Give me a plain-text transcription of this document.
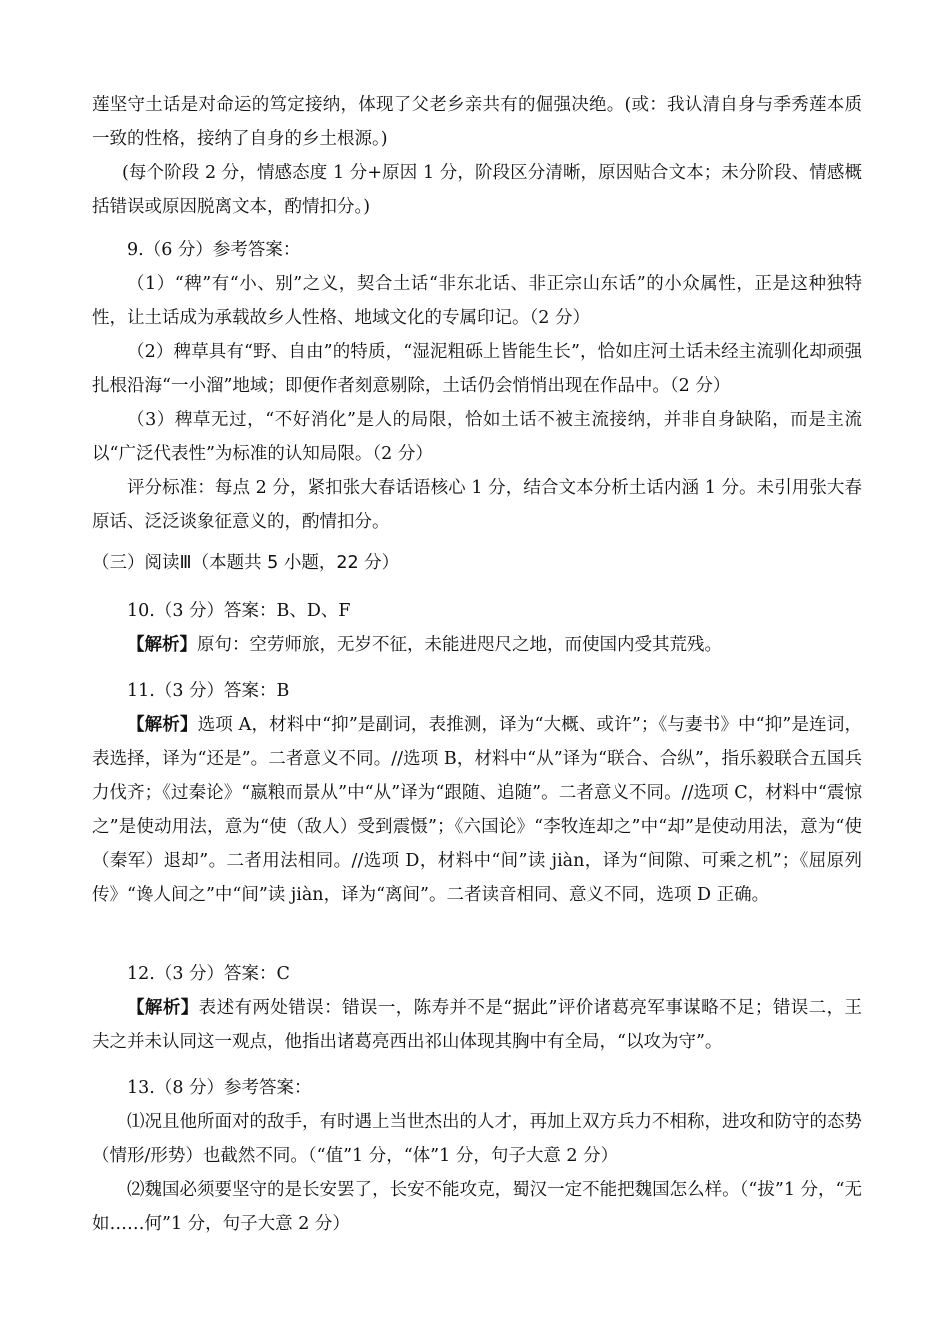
莲坚守土话是对命运的笃定接纳，体现了父老乡亲共有的倔强决绝。(或：我认清自身与季秀莲本质一致的性格，接纳了自身的乡土根源。)
(每个阶段 2 分，情感态度 1 分+原因 1 分，阶段区分清晰，原因贴合文本；未分阶段、情感概括错误或原因脱离文本，酌情扣分。)
9.（6 分）参考答案：
（1）“稗”有“小、别”之义，契合土话“非东北话、非正宗山东话”的小众属性，正是这种独特性，让土话成为承载故乡人性格、地域文化的专属印记。（2 分）
（2）稗草具有“野、自由”的特质，“湿泥粗砾上皆能生长”，恰如庄河土话未经主流驯化却顽强扎根沿海“一小溜”地域；即便作者刻意剔除，土话仍会悄悄出现在作品中。（2 分）
（3）稗草无过，“不好消化”是人的局限，恰如土话不被主流接纳，并非自身缺陷，而是主流以“广泛代表性”为标准的认知局限。（2 分）
评分标准：每点 2 分，紧扣张大春话语核心 1 分，结合文本分析土话内涵 1 分。未引用张大春原话、泛泛谈象征意义的，酌情扣分。
（三）阅读Ⅲ（本题共 5 小题，22 分）
10.（3 分）答案：B、D、F
【解析】原句：空劳师旅，无岁不征，未能进咫尺之地，而使国内受其荒残。
11.（3 分）答案：B
【解析】选项 A，材料中“抑”是副词，表推测，译为“大概、或许”；《与妻书》中“抑”是连词，表选择，译为“还是”。二者意义不同。//选项 B，材料中“从”译为“联合、合纵”，指乐毅联合五国兵力伐齐；《过秦论》“嬴粮而景从”中“从”译为“跟随、追随”。二者意义不同。//选项 C，材料中“震惊之”是使动用法，意为“使（敌人）受到震慑”；《六国论》“李牧连却之”中“却”是使动用法，意为“使（秦军）退却”。二者用法相同。//选项 D，材料中“间”读 jiàn，译为“间隙、可乘之机”；《屈原列传》“谗人间之”中“间”读 jiàn，译为“离间”。二者读音相同、意义不同，选项 D 正确。
12.（3 分）答案：C
【解析】表述有两处错误：错误一，陈寿并不是“据此”评价诸葛亮军事谋略不足；错误二，王夫之并未认同这一观点，他指出诸葛亮西出祁山体现其胸中有全局，“以攻为守”。
13.（8 分）参考答案：
⑴况且他所面对的敌手，有时遇上当世杰出的人才，再加上双方兵力不相称，进攻和防守的态势（情形/形势）也截然不同。（“值”1 分，“体”1 分，句子大意 2 分）
⑵魏国必须要坚守的是长安罢了，长安不能攻克，蜀汉一定不能把魏国怎么样。（“拔”1 分，“无如……何”1 分，句子大意 2 分）
